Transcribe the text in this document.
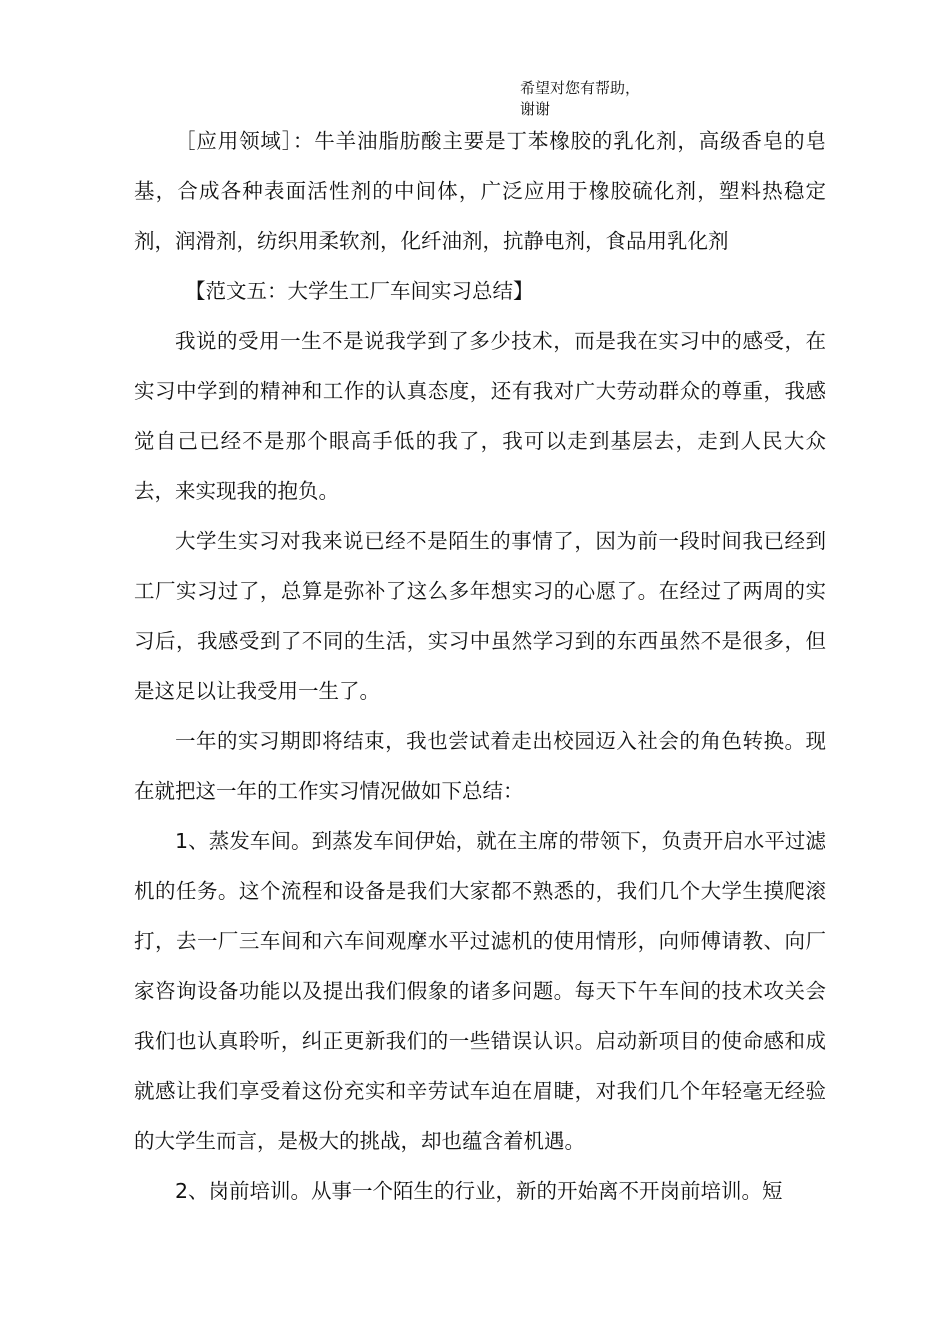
希望对您有帮助，
谢谢

［应用领域］：牛羊油脂肪酸主要是丁苯橡胶的乳化剂，高级香皂的皂基，合成各种表面活性剂的中间体，广泛应用于橡胶硫化剂，塑料热稳定剂，润滑剂，纺织用柔软剂，化纤油剂，抗静电剂，食品用乳化剂

【范文五：大学生工厂车间实习总结】

我说的受用一生不是说我学到了多少技术，而是我在实习中的感受，在实习中学到的精神和工作的认真态度，还有我对广大劳动群众的尊重，我感觉自己已经不是那个眼高手低的我了，我可以走到基层去，走到人民大众去，来实现我的抱负。

大学生实习对我来说已经不是陌生的事情了，因为前一段时间我已经到工厂实习过了，总算是弥补了这么多年想实习的心愿了。在经过了两周的实习后，我感受到了不同的生活，实习中虽然学习到的东西虽然不是很多，但是这足以让我受用一生了。

一年的实习期即将结束，我也尝试着走出校园迈入社会的角色转换。现在就把这一年的工作实习情况做如下总结：

1、蒸发车间。到蒸发车间伊始，就在主席的带领下，负责开启水平过滤机的任务。这个流程和设备是我们大家都不熟悉的，我们几个大学生摸爬滚打，去一厂三车间和六车间观摩水平过滤机的使用情形，向师傅请教、向厂家咨询设备功能以及提出我们假象的诸多问题。每天下午车间的技术攻关会我们也认真聆听，纠正更新我们的一些错误认识。启动新项目的使命感和成就感让我们享受着这份充实和辛劳试车迫在眉睫，对我们几个年轻毫无经验的大学生而言，是极大的挑战，却也蕴含着机遇。

2、岗前培训。从事一个陌生的行业，新的开始离不开岗前培训。短
